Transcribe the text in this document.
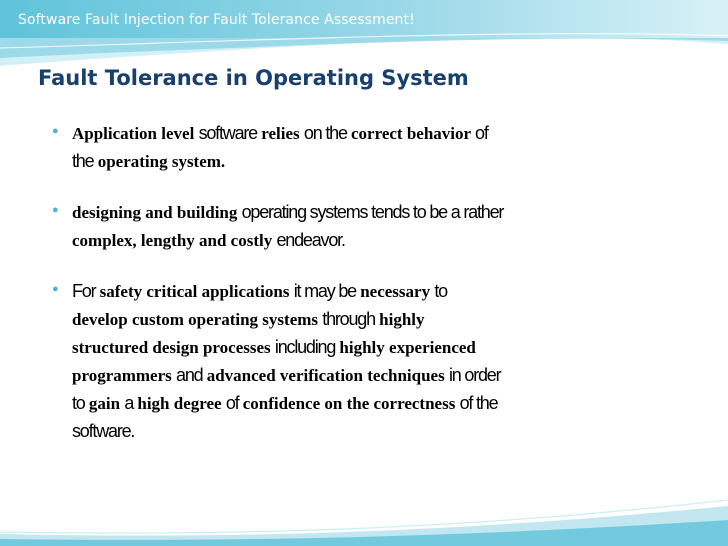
Software Fault Injection for Fault Tolerance Assessment!
Fault Tolerance in Operating System
● Application level software relies on the correct behavior of
the operating system.
● designing and building operating systems tends to be a rather
complex, lengthy and costly endeavor.
● For safety critical applications it may be necessary to
develop custom operating systems through highly
structured design processes including highly experienced
programmers and advanced verification techniques in order
to gain a high degree of confidence on the correctness of the
software.
